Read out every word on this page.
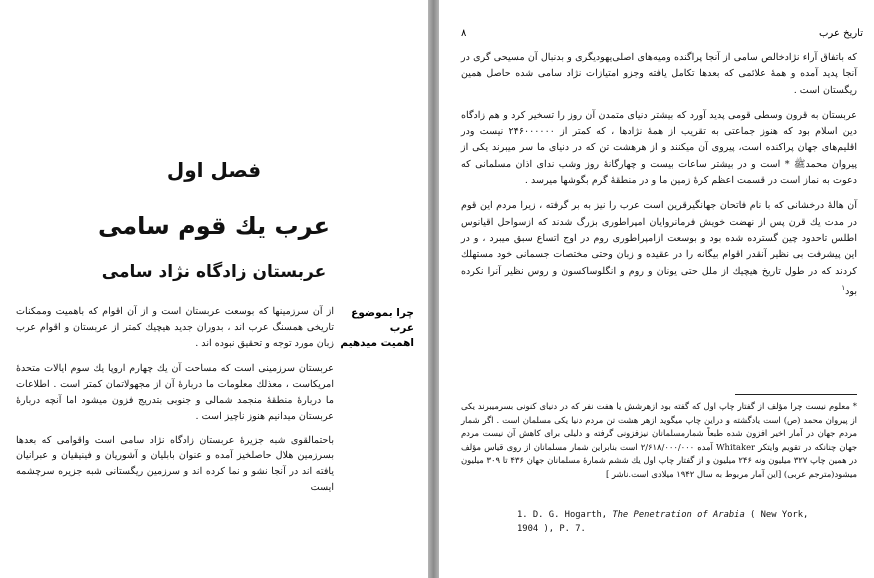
فصل اول
عرب يك قوم سامى
عربستان زادگاه نژاد سامى
چرا بموضوع عرب
اهميت ميدهيم
از آن سرزمينها كه بوسعت عربستان است و از آن اقوام كه باهميت وممكنات تاريخى همسنگ عرب اند ، بدوران جديد هيچيك كمتر از عربستان و اقوام عرب زبان مورد توجه و تحقيق نبوده اند .
عربستان سرزمينى است كه مساحت آن يك چهارم اروپا يك سوم اياﻻت متحدهٔ امريكاست ، معذلك معلومات ما دربارهٔ آن از مجهوﻻتمان كمتر است . اطلاعات ما دربارهٔ منطقهٔ منجمد شمالى و جنوبى بتدريج فزون ميشود اما آنچه دربارهٔ عربستان ميدانيم هنوز ناچيز است .
باحتمالقوى شبه جزيرهٔ عربستان زادگاه نژاد سامى است واقوامى كه بعدها بسرزمين هلال حاصلخيز آمده و عنوان بابليان و آشوريان و فينيقيان و عبرانيان يافته اند در آنجا نشو و نما كرده اند و سرزمين ريگستانى شبه جزيره سرچشمه ايست
تاريخ عرب
۸
كه باتفاق آراء نژادخالص سامى از آنجا پراگنده وميه‌هاى اصلى‌يهوديگرى و بدنبال آن مسيحى گرى در آنجا پديد آمده و همهٔ علائمى كه بعدها تكامل يافته وجزو امتيازات نژاد سامى شده حاصل همين ريگستان است .
عربستان به قرون وسطى قومى پديد آورد كه بيشتر دنياى متمدن آن روز را تسخير كرد و هم زادگاه دين اسلام بود كه هنوز جماعتى به تقريب از همهٔ نژادها ، كه كمتر از ۲۴۶۰۰۰۰۰۰ نيست ودر اقليم‌هاى جهان پراكنده است، پيروى آن ميكنند و از هرهشت تن كه در دنياى ما سر ميبرند يكى از پيروان محمدﷺ * است و در بيشتر ساعات بيست و چهارگانهٔ روز وشب نداى اذان مسلمانى كه دعوت به نماز است در قسمت اعظم كرهٔ زمين ما و در منطقهٔ گرم بگوشها ميرسد .
آن هالهٔ درخشانى كه با نام فاتحان جهانگيرقرين است عرب را نيز به بر گرفته ، زيرا مردم اين قوم در مدت يك قرن پس از نهضت خويش فرمانروايان امپراطورى بزرگ شدند كه ازسواحل اقيانوس اطلس تاحدود چين گسترده شده بود و بوسعت ازامپراطورى روم در اوج اتساع سبق ميبرد ، و در اين پيشرفت بى نظير آنقدر اقوام بيگانه را در عقيده و زبان وحتى مختصات جسمانى خود مستهلك كردند كه در طول تاريخ هيچيك از ملل حتى يونان و روم و انگلوساكسون و روس نظير آنرا نكرده بود$^۱$
* معلوم نيست چرا مؤلف از گفتار چاپ اول كه گفته بود ازهرشش يا هفت نفر كه در دنياى كنونى بسرميبرند يكى از پيروان محمد (ص) است يادگشته و دراين چاپ ميگويد ازهر هشت تن مردم دنيا يكى مسلمان است . اگر شمار مردم جهان در آمار اخير افزون شده طبعاً شمارمسلمانان نيزفزونى گرفته و دليلى براى كاهش آن نيست مردم جهان چنانكه در تقويم وايتكر Whitaker آمده ۲/۶۱۸/۰۰۰/۰۰۰ است بنابراين شمار مسلمانان از روى قياس مؤلف در همين چاپ ۳۲۷ ميليون ونه ۲۴۶ ميليون و از گفتار چاپ اول يك ششم شمارهٔ مسلمانان جهان ۴۳۶ تا ۳۰۹ ميليون ميشود(مترجم عربى) [اين آمار مربوط به سال ۱۹۴۲ ميلادى است.ناشر ]
1. D. G. Hogarth, The Penetration of Arabia ( New York,
1904 ), P. 7.
